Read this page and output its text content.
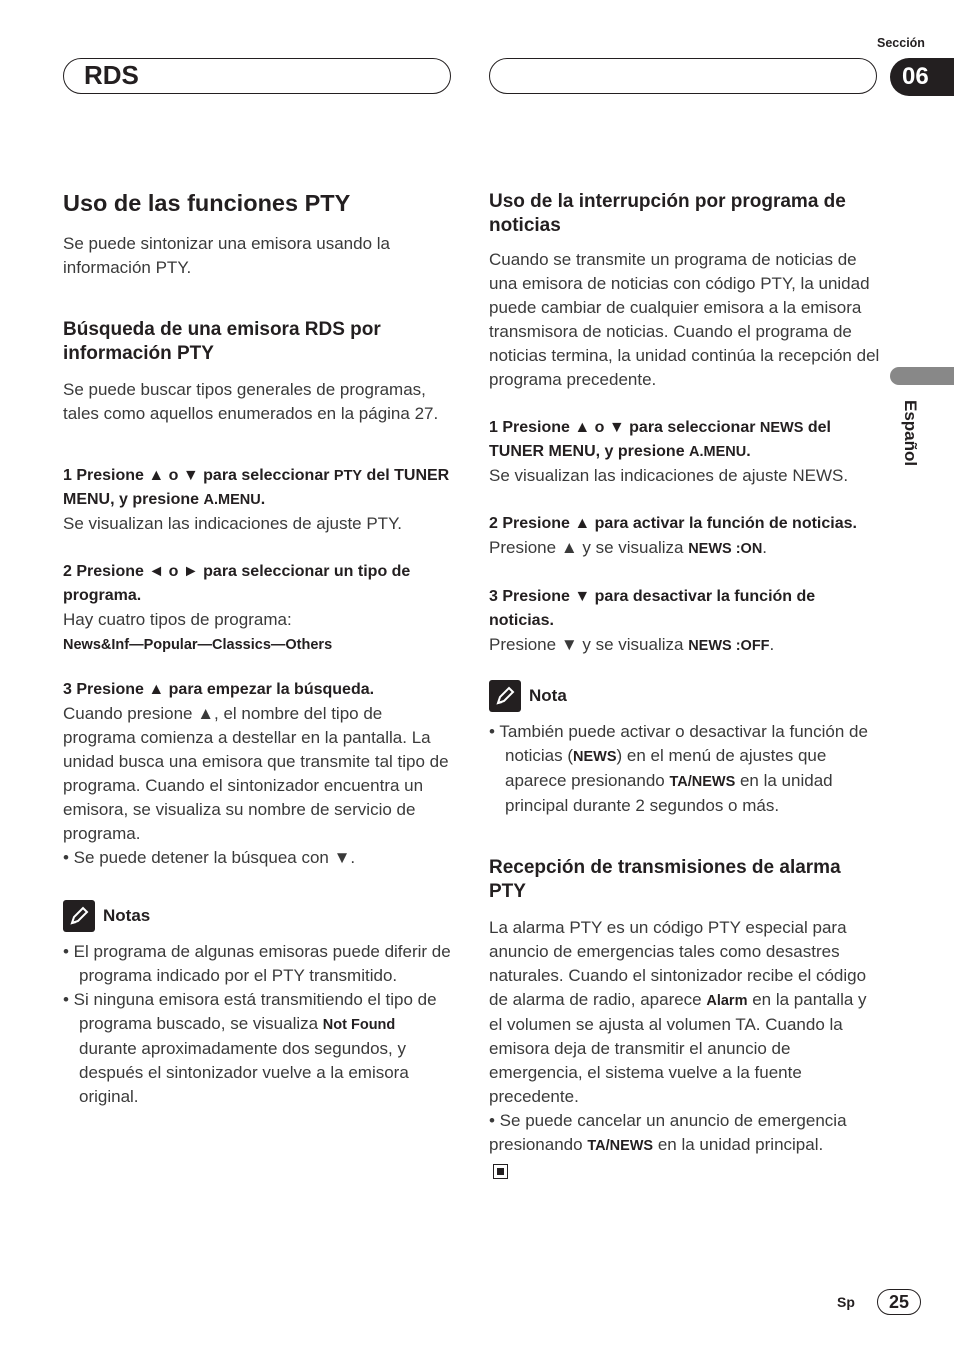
RDS
Sección
06
Español
Uso de las funciones PTY

Se puede sintonizar una emisora usando la información PTY.

Búsqueda de una emisora RDS por información PTY

Se puede buscar tipos generales de programas, tales como aquellos enumerados en la página 27.

1 Presione ▲ o ▼ para seleccionar PTY del TUNER MENU, y presione A.MENU.

Se visualizan las indicaciones de ajuste PTY.

2 Presione ◄ o ► para seleccionar un tipo de programa.

Hay cuatro tipos de programa:

News&Inf—Popular—Classics—Others
3 Presione ▲ para empezar la búsqueda.

Cuando presione ▲, el nombre del tipo de programa comienza a destellar en la pantalla. La unidad busca una emisora que transmite tal tipo de programa. Cuando el sintonizador encuentra un emisora, se visualiza su nombre de servicio de programa.

• Se puede detener la búsquea con ▼.

Notas

• El programa de algunas emisoras puede diferir de programa indicado por el PTY transmitido.

• Si ninguna emisora está transmitiendo el tipo de programa buscado, se visualiza Not Found durante aproximadamente dos segundos, y después el sintonizador vuelve a la emisora original.

Uso de la interrupción por programa de noticias

Cuando se transmite un programa de noticias de una emisora de noticias con código PTY, la unidad puede cambiar de cualquier emisora a la emisora transmisora de noticias. Cuando el programa de noticias termina, la unidad continúa la recepción del programa precedente.

1 Presione ▲ o ▼ para seleccionar NEWS del TUNER MENU, y presione A.MENU.

Se visualizan las indicaciones de ajuste NEWS.

2 Presione ▲ para activar la función de noticias.

Presione ▲ y se visualiza NEWS :ON.

3 Presione ▼ para desactivar la función de noticias.

Presione ▼ y se visualiza NEWS :OFF.

Nota

• También puede activar o desactivar la función de noticias (NEWS) en el menú de ajustes que aparece presionando TA/NEWS en la unidad principal durante 2 segundos o más.

Recepción de transmisiones de alarma PTY

La alarma PTY es un código PTY especial para anuncio de emergencias tales como desastres naturales. Cuando el sintonizador recibe el código de alarma de radio, aparece Alarm en la pantalla y el volumen se ajusta al volumen TA. Cuando la emisora deja de transmitir el anuncio de emergencia, el sistema vuelve a la fuente precedente.

• Se puede cancelar un anuncio de emergencia presionando TA/NEWS en la unidad principal.

Sp	25
